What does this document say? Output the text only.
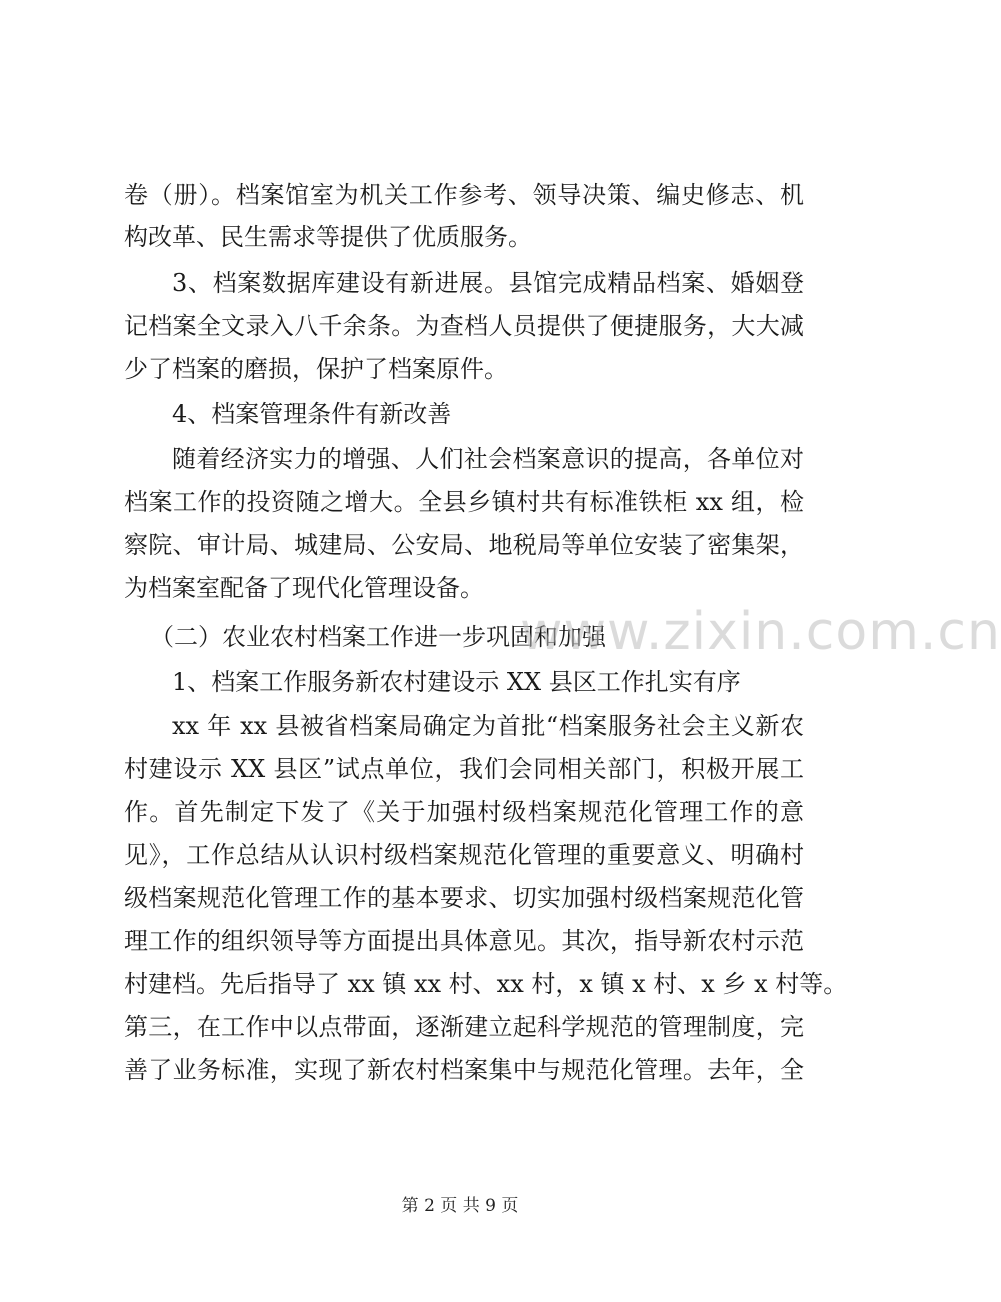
卷（册）。档案馆室为机关工作参考、领导决策、编史修志、机
构改革、民生需求等提供了优质服务。
3、档案数据库建设有新进展。县馆完成精品档案、婚姻登
记档案全文录入八千余条。为查档人员提供了便捷服务，大大减
少了档案的磨损，保护了档案原件。
4、档案管理条件有新改善
随着经济实力的增强、人们社会档案意识的提高，各单位对
档案工作的投资随之增大。全县乡镇村共有标准铁柜 xx 组，检
察院、审计局、城建局、公安局、地税局等单位安装了密集架，
为档案室配备了现代化管理设备。
（二）农业农村档案工作进一步巩固和加强
1、档案工作服务新农村建设示 XX 县区工作扎实有序
xx 年 xx 县被省档案局确定为首批“档案服务社会主义新农
村建设示 XX 县区”试点单位，我们会同相关部门，积极开展工
作。首先制定下发了《关于加强村级档案规范化管理工作的意
见》，工作总结从认识村级档案规范化管理的重要意义、明确村
级档案规范化管理工作的基本要求、切实加强村级档案规范化管
理工作的组织领导等方面提出具体意见。其次，指导新农村示范
村建档。先后指导了 xx 镇 xx 村、xx 村，x 镇 x 村、x 乡 x 村等。
第三，在工作中以点带面，逐渐建立起科学规范的管理制度，完
善了业务标准，实现了新农村档案集中与规范化管理。去年，全
www.zixin.com.cn
第 2 页 共 9 页
